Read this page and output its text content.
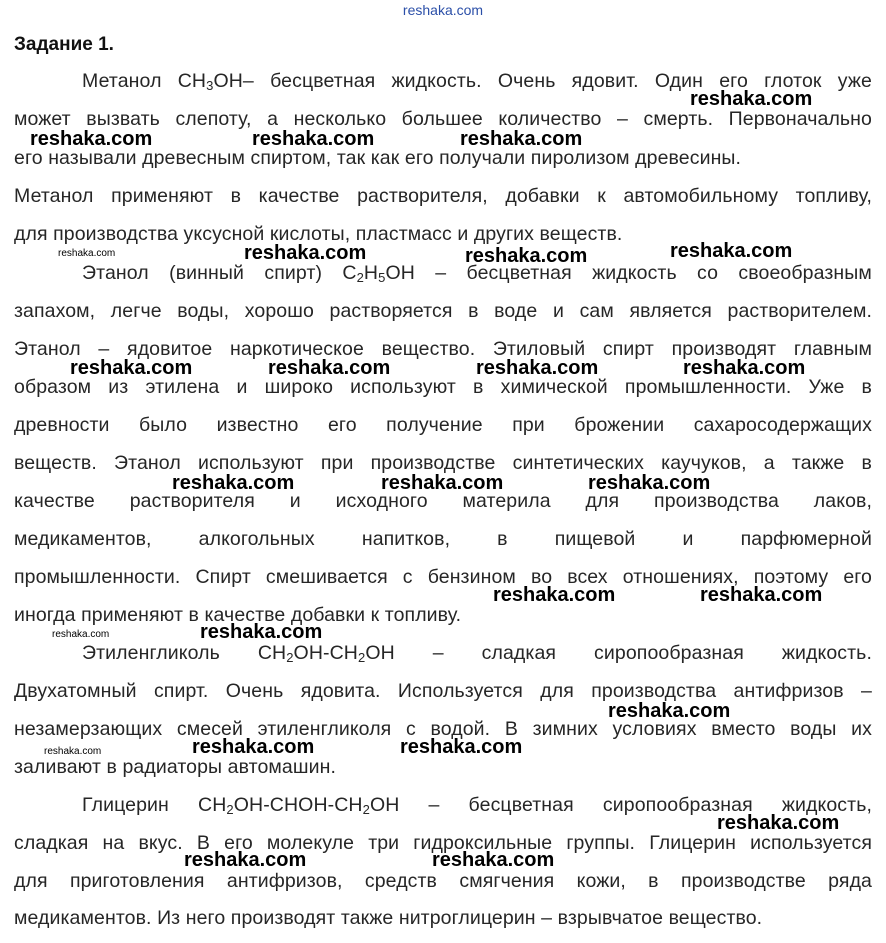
reshaka.com
Задание 1.
Метанол $CH_3OH-$ бесцветная жидкость. Очень ядовит. Один его глоток уже
может вызвать слепоту, а несколько большее количество – смерть. Первоначально
его называли древесным спиртом, так как его получали пиролизом древесины.
Метанол применяют в качестве растворителя, добавки к автомобильному топливу,
для производства уксусной кислоты, пластмасс и других веществ.
Этанол (винный спирт) $C_2H_5OH$ – бесцветная жидкость со своеобразным
запахом, легче воды, хорошо растворяется в воде и сам является растворителем.
Этанол – ядовитое наркотическое вещество. Этиловый спирт производят главным
образом из этилена и широко используют в химической промышленности. Уже в
древности было известно его получение при брожении сахаросодержащих
веществ. Этанол используют при производстве синтетических каучуков, а также в
качестве растворителя и исходного материла для производства лаков,
медикаментов, алкогольных напитков, в пищевой и парфюмерной
промышленности. Спирт смешивается с бензином во всех отношениях, поэтому его
иногда применяют в качестве добавки к топливу.
Этиленгликоль $CH_2OH-CH_2OH$ – сладкая сиропообразная жидкость.
Двухатомный спирт. Очень ядовита. Используется для производства антифризов –
незамерзающих смесей этиленгликоля с водой. В зимних условиях вместо воды их
заливают в радиаторы автомашин.
Глицерин $CH_2OH-CHOH-CH_2OH$ – бесцветная сиропообразная жидкость,
сладкая на вкус. В его молекуле три гидроксильные группы. Глицерин используется
для приготовления антифризов, средств смягчения кожи, в производстве ряда
медикаментов. Из него производят также нитроглицерин – взрывчатое вещество.
reshaka.com
reshaka.com	reshaka.com	reshaka.com
reshaka.com	reshaka.com	reshaka.com	reshaka.com
reshaka.com	reshaka.com	reshaka.com	reshaka.com
reshaka.com	reshaka.com	reshaka.com
reshaka.com	reshaka.com
reshaka.com	reshaka.com
reshaka.com
reshaka.com	reshaka.com	reshaka.com
reshaka.com
reshaka.com	reshaka.com
